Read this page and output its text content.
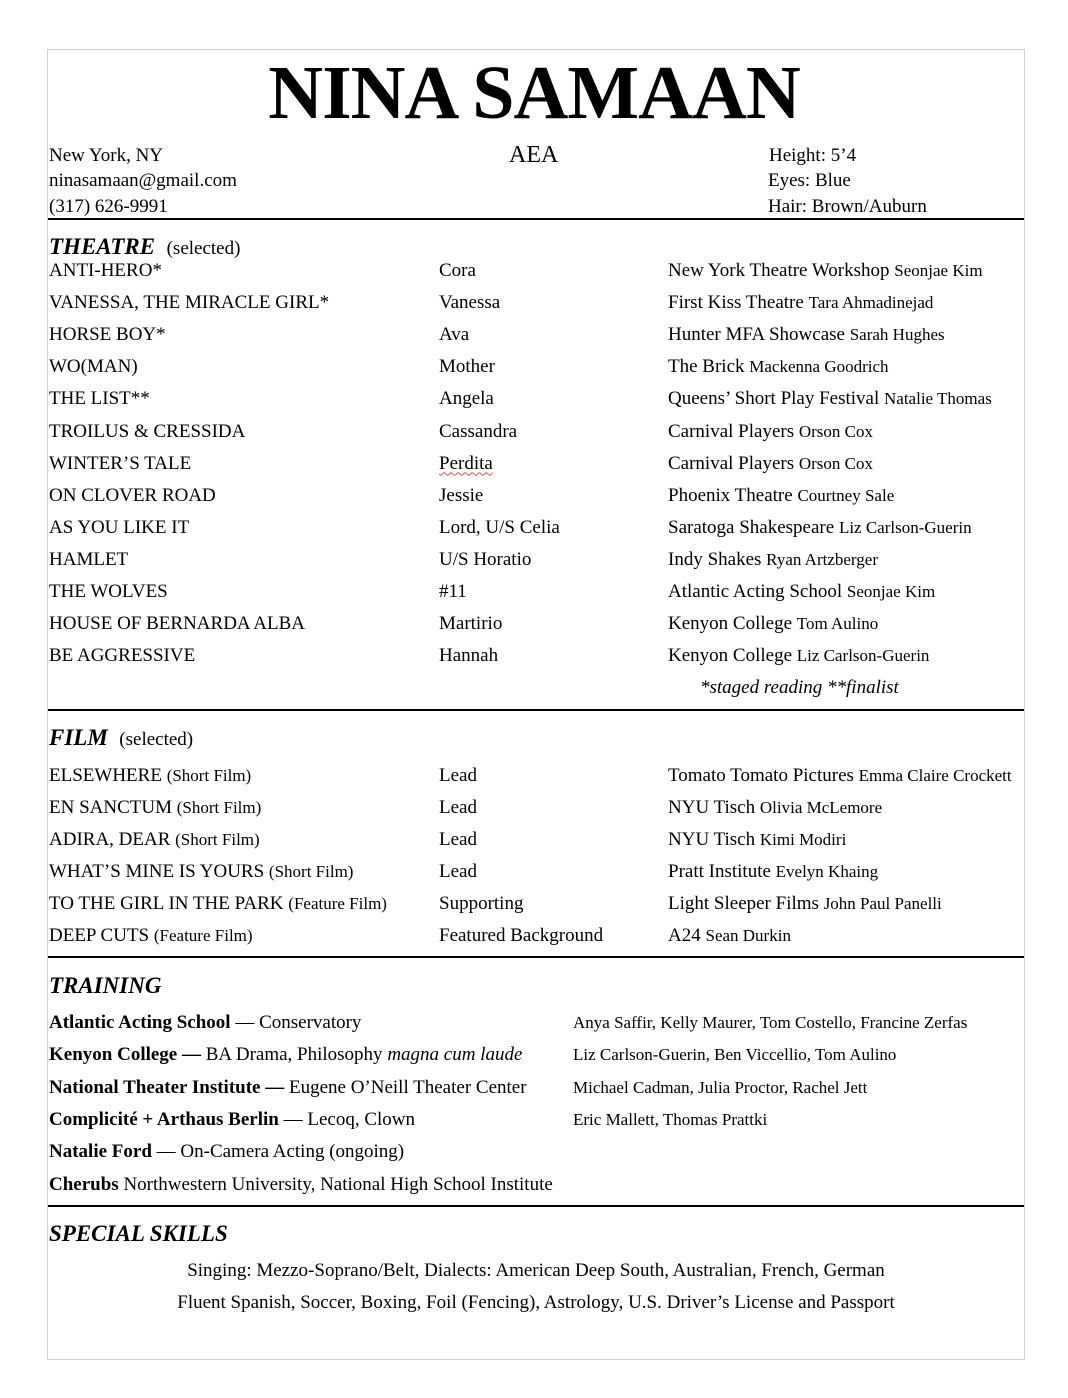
NINA SAMAAN
AEA
New York, NY
ninasamaan@gmail.com
(317) 626-9991
Height: 5’4
Eyes: Blue
Hair: Brown/Auburn
THEATRE (selected)
ANTI-HERO*	Cora	New York Theatre Workshop Seonjae Kim
VANESSA, THE MIRACLE GIRL*	Vanessa	First Kiss Theatre Tara Ahmadinejad
HORSE BOY*	Ava	Hunter MFA Showcase Sarah Hughes
WO(MAN)	Mother	The Brick Mackenna Goodrich
THE LIST**	Angela	Queens’ Short Play Festival Natalie Thomas
TROILUS & CRESSIDA	Cassandra	Carnival Players Orson Cox
WINTER’S TALE	Perdita	Carnival Players Orson Cox
ON CLOVER ROAD	Jessie	Phoenix Theatre Courtney Sale
AS YOU LIKE IT	Lord, U/S Celia	Saratoga Shakespeare Liz Carlson-Guerin
HAMLET	U/S Horatio	Indy Shakes Ryan Artzberger
THE WOLVES	#11	Atlantic Acting School Seonjae Kim
HOUSE OF BERNARDA ALBA	Martirio	Kenyon College Tom Aulino
BE AGGRESSIVE	Hannah	Kenyon College Liz Carlson-Guerin
*staged reading **finalist
FILM (selected)
ELSEWHERE (Short Film)	Lead	Tomato Tomato Pictures Emma Claire Crockett
EN SANCTUM (Short Film)	Lead	NYU Tisch Olivia McLemore
ADIRA, DEAR (Short Film)	Lead	NYU Tisch Kimi Modiri
WHAT’S MINE IS YOURS (Short Film)	Lead	Pratt Institute Evelyn Khaing
TO THE GIRL IN THE PARK (Feature Film)	Supporting	Light Sleeper Films John Paul Panelli
DEEP CUTS (Feature Film)	Featured Background	A24 Sean Durkin
TRAINING
Atlantic Acting School — Conservatory	Anya Saffir, Kelly Maurer, Tom Costello, Francine Zerfas
Kenyon College — BA Drama, Philosophy magna cum laude	Liz Carlson-Guerin, Ben Viccellio, Tom Aulino
National Theater Institute — Eugene O’Neill Theater Center	Michael Cadman, Julia Proctor, Rachel Jett
Complicité + Arthaus Berlin — Lecoq, Clown	Eric Mallett, Thomas Prattki
Natalie Ford — On-Camera Acting (ongoing)
Cherubs Northwestern University, National High School Institute
SPECIAL SKILLS
Singing: Mezzo-Soprano/Belt, Dialects: American Deep South, Australian, French, German
Fluent Spanish, Soccer, Boxing, Foil (Fencing), Astrology, U.S. Driver’s License and Passport
